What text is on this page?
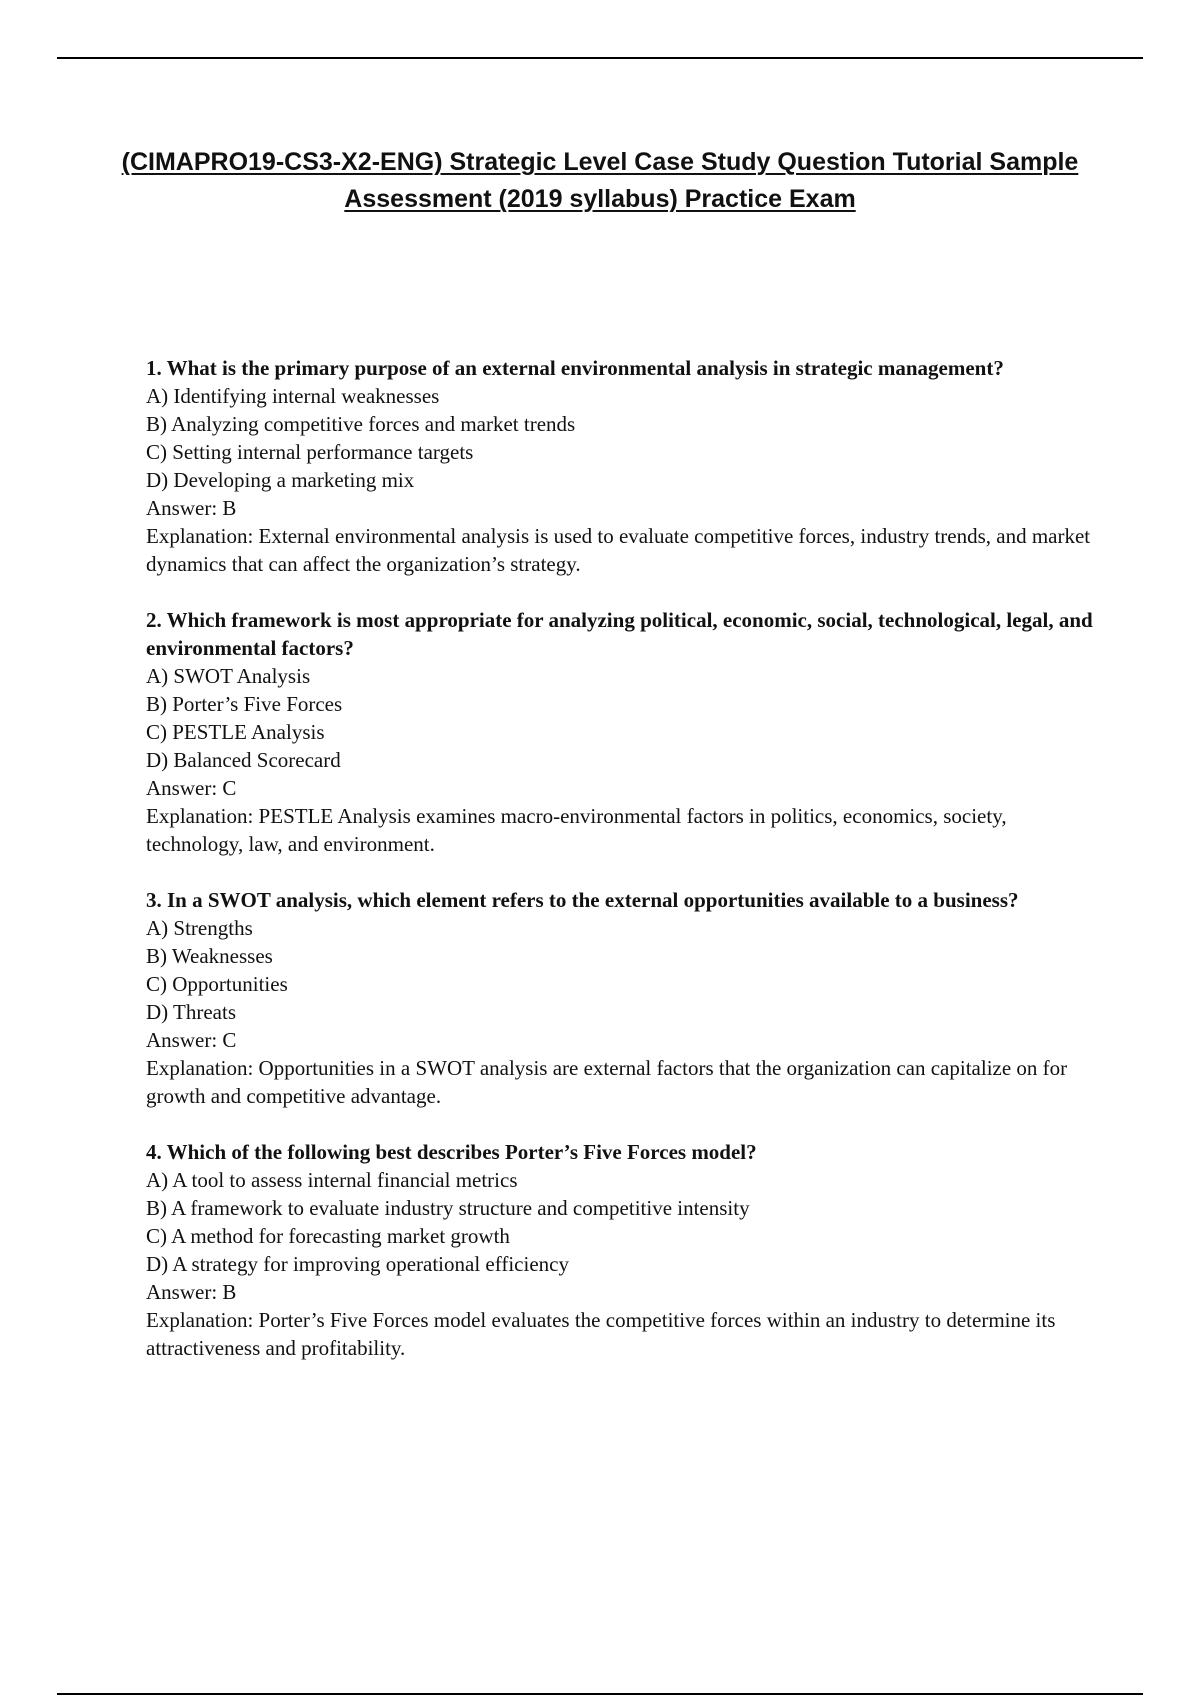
(CIMAPRO19-CS3-X2-ENG) Strategic Level Case Study Question Tutorial Sample
Assessment (2019 syllabus) Practice Exam

1. What is the primary purpose of an external environmental analysis in strategic management?

A) Identifying internal weaknesses

B) Analyzing competitive forces and market trends

C) Setting internal performance targets

D) Developing a marketing mix

Answer: B

Explanation: External environmental analysis is used to evaluate competitive forces, industry trends, and market dynamics that can affect the organization’s strategy.

2. Which framework is most appropriate for analyzing political, economic, social, technological, legal, and environmental factors?

A) SWOT Analysis

B) Porter’s Five Forces

C) PESTLE Analysis

D) Balanced Scorecard

Answer: C

Explanation: PESTLE Analysis examines macro-environmental factors in politics, economics, society, technology, law, and environment.

3. In a SWOT analysis, which element refers to the external opportunities available to a business?

A) Strengths

B) Weaknesses

C) Opportunities

D) Threats

Answer: C

Explanation: Opportunities in a SWOT analysis are external factors that the organization can capitalize on for growth and competitive advantage.

4. Which of the following best describes Porter’s Five Forces model?

A) A tool to assess internal financial metrics

B) A framework to evaluate industry structure and competitive intensity

C) A method for forecasting market growth

D) A strategy for improving operational efficiency

Answer: B

Explanation: Porter’s Five Forces model evaluates the competitive forces within an industry to determine its attractiveness and profitability.
